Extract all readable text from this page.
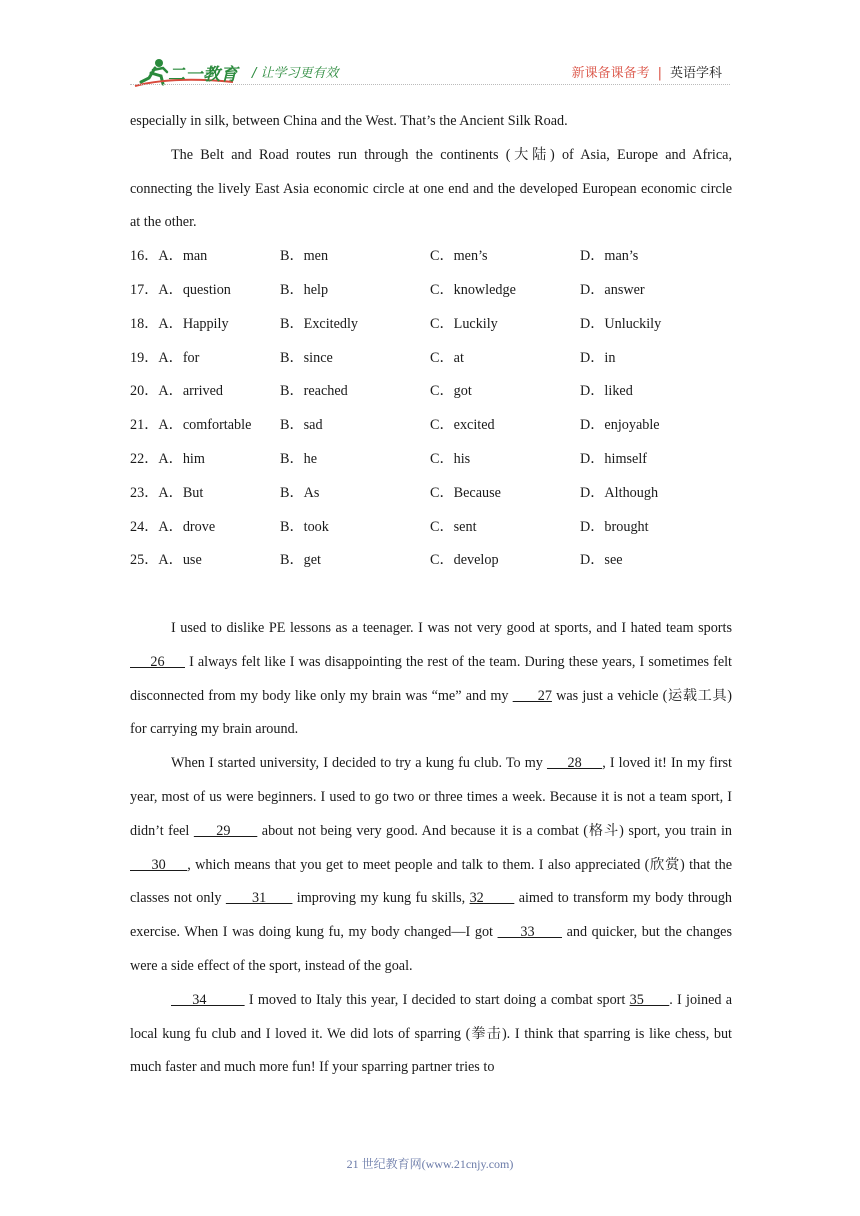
二一教育 / 让学习更有效	新课备课备考 | 英语学科

especially in silk, between China and the West. That’s the Ancient Silk Road.

The Belt and Road routes run through the continents (大陆) of Asia, Europe and Africa, connecting the lively East Asia economic circle at one end and the developed European economic circle at the other.

16．A．man	B．men	C．men’s	D．man’s
17．A．question	B．help	C．knowledge	D．answer
18．A．Happily	B．Excitedly	C．Luckily	D．Unluckily
19．A．for	B．since	C．at	D．in
20．A．arrived	B．reached	C．got	D．liked
21．A．comfortable	B．sad	C．excited	D．enjoyable
22．A．him	B．he	C．his	D．himself
23．A．But	B．As	C．Because	D．Although
24．A．drove	B．took	C．sent	D．brought
25．A．use	B．get	C．develop	D．see

I used to dislike PE lessons as a teenager. I was not very good at sports, and I hated team sports      26      I always felt like I was disappointing the rest of the team. During these years, I sometimes felt disconnected from my body like only my brain was “me” and my       27 was just a vehicle (运载工具) for carrying my brain around.

When I started university, I decided to try a kung fu club. To my      28     , I loved it! In my first year, most of us were beginners. I used to go two or three times a week. Because it is not a team sport, I didn’t feel      29       about not being very good. And because it is a combat (格斗) sport, you train in      30     , which means that you get to meet people and talk to them. I also appreciated (欣赏) that the classes not only       31       improving my kung fu skills, 32        aimed to transform my body through exercise. When I was doing kung fu, my body changed—I got      33       and quicker, but the changes were a side effect of the sport, instead of the goal.

34          I moved to Italy this year, I decided to start doing a combat sport 35      . I joined a local kung fu club and I loved it. We did lots of sparring (拳击). I think that sparring is like chess, but much faster and much more fun! If your sparring partner tries to

21 世纪教育网(www.21cnjy.com)
